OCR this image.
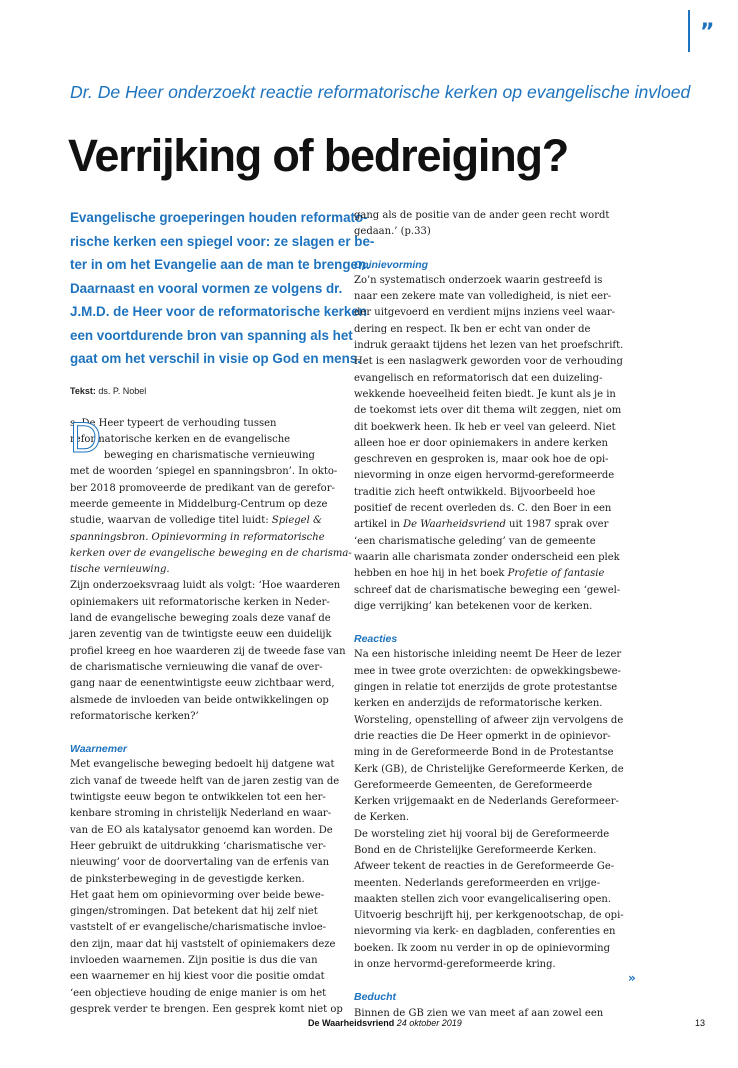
”
Dr. De Heer onderzoekt reactie reformatorische kerken op evangelische invloed
Verrijking of bedreiging?

Evangelische groeperingen houden reformato-
rische kerken een spiegel voor: ze slagen er be-
ter in om het Evangelie aan de man te brengen.
Daarnaast en vooral vormen ze volgens dr.
J.M.D. de Heer voor de reformatorische kerken
een voortdurende bron van spanning als het
gaat om het verschil in visie op God en mens.

Tekst: ds. P. Nobel

D

s. De Heer typeert de verhouding tussen
reformatorische kerken en de evangelische
beweging en charismatische vernieuwing
met de woorden ‘spiegel en spanningsbron’. In okto-
ber 2018 promoveerde de predikant van de gerefor-
meerde gemeente in Middelburg-Centrum op deze
studie, waarvan de volledige titel luidt: Spiegel &
spanningsbron. Opinievorming in reformatorische
kerken over de evangelische beweging en de charisma-
tische vernieuwing.

Zijn onderzoeksvraag luidt als volgt: ‘Hoe waarderen
opiniemakers uit reformatorische kerken in Neder-
land de evangelische beweging zoals deze vanaf de
jaren zeventig van de twintigste eeuw een duidelijk
profiel kreeg en hoe waarderen zij de tweede fase van
de charismatische vernieuwing die vanaf de over-
gang naar de eenentwintigste eeuw zichtbaar werd,
alsmede de invloeden van beide ontwikkelingen op
reformatorische kerken?’

Waarnemer

Met evangelische beweging bedoelt hij datgene wat
zich vanaf de tweede helft van de jaren zestig van de
twintigste eeuw begon te ontwikkelen tot een her-
kenbare stroming in christelijk Nederland en waar-
van de EO als katalysator genoemd kan worden. De
Heer gebruikt de uitdrukking ‘charismatische ver-
nieuwing’ voor de doorvertaling van de erfenis van
de pinksterbeweging in de gevestigde kerken.

Het gaat hem om opinievorming over beide bewe-
gingen/stromingen. Dat betekent dat hij zelf niet
vaststelt of er evangelische/charismatische invloe-
den zijn, maar dat hij vaststelt of opiniemakers deze
invloeden waarnemen. Zijn positie is dus die van
een waarnemer en hij kiest voor die positie omdat
‘een objectieve houding de enige manier is om het
gesprek verder te brengen. Een gesprek komt niet op

gang als de positie van de ander geen recht wordt
gedaan.’ (p.33)

Opinievorming

Zo’n systematisch onderzoek waarin gestreefd is
naar een zekere mate van volledigheid, is niet eer-
der uitgevoerd en verdient mijns inziens veel waar-
dering en respect. Ik ben er echt van onder de
indruk geraakt tijdens het lezen van het proefschrift.
Het is een naslagwerk geworden voor de verhouding
evangelisch en reformatorisch dat een duizeling-
wekkende hoeveelheid feiten biedt. Je kunt als je in
de toekomst iets over dit thema wilt zeggen, niet om
dit boekwerk heen. Ik heb er veel van geleerd. Niet
alleen hoe er door opiniemakers in andere kerken
geschreven en gesproken is, maar ook hoe de opi-
nievorming in onze eigen hervormd-gereformeerde
traditie zich heeft ontwikkeld. Bijvoorbeeld hoe
positief de recent overleden ds. C. den Boer in een
artikel in De Waarheidsvriend uit 1987 sprak over
‘een charismatische geleding’ van de gemeente
waarin alle charismata zonder onderscheid een plek
hebben en hoe hij in het boek Profetie of fantasie
schreef dat de charismatische beweging een ‘gewel-
dige verrijking’ kan betekenen voor de kerken.

Reacties

Na een historische inleiding neemt De Heer de lezer
mee in twee grote overzichten: de opwekkingsbewe-
gingen in relatie tot enerzijds de grote protestantse
kerken en anderzijds de reformatorische kerken.
Worsteling, openstelling of afweer zijn vervolgens de
drie reacties die De Heer opmerkt in de opinievor-
ming in de Gereformeerde Bond in de Protestantse
Kerk (GB), de Christelijke Gereformeerde Kerken, de
Gereformeerde Gemeenten, de Gereformeerde
Kerken vrijgemaakt en de Nederlands Gereformeer-
de Kerken.

De worsteling ziet hij vooral bij de Gereformeerde
Bond en de Christelijke Gereformeerde Kerken.
Afweer tekent de reacties in de Gereformeerde Ge-
meenten. Nederlands gereformeerden en vrijge-
maakten stellen zich voor evangelicalisering open.
Uitvoerig beschrijft hij, per kerkgenootschap, de opi-
nievorming via kerk- en dagbladen, conferenties en
boeken. Ik zoom nu verder in op de opinievorming
in onze hervormd-gereformeerde kring.

Beducht

Binnen de GB zien we van meet af aan zowel een

»
De Waarheidsvriend 24 oktober 2019	13
